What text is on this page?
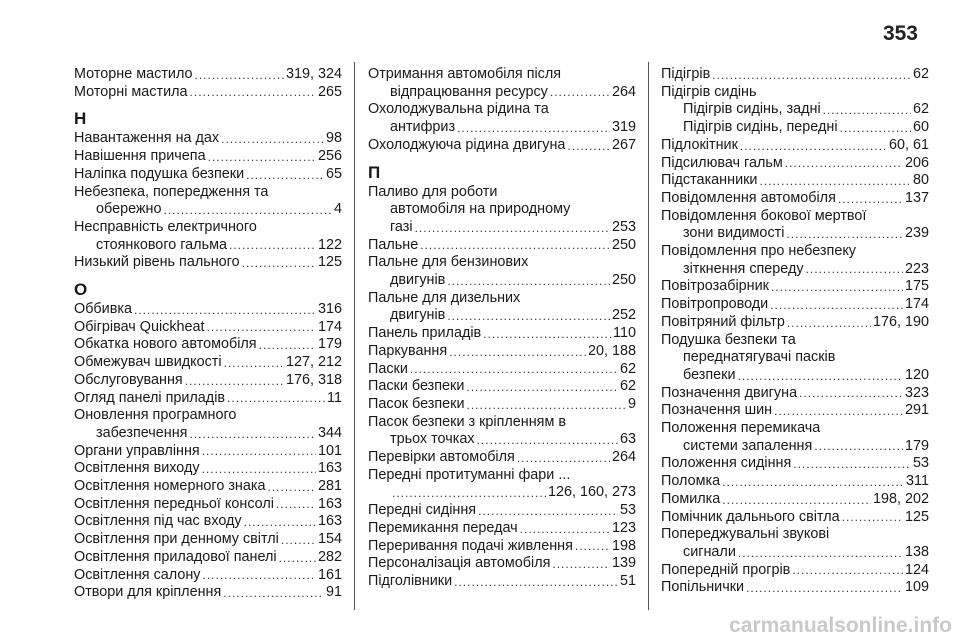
353
Моторне мастило .....	319, 324
Моторні мастила .....	265
Н
Навантаження на дах .....	98
Навішення причепа .....	256
Наліпка подушка безпеки .....	65
Небезпека, попередження та
обережно .....	4
Несправність електричного
стоянкового гальма .....	122
Низький рівень пального .....	125
О
Оббивка .....	316
Обігрівач Quickheat .....	174
Обкатка нового автомобіля .....	179
Обмежувач швидкості .....	127, 212
Обслуговування .....	176, 318
Огляд панелі приладів .....	11
Оновлення програмного
забезпечення .....	344
Органи управління .....	101
Освітлення виходу .....	163
Освітлення номерного знака .....	281
Освітлення передньої консолі .....	163
Освітлення під час входу .....	163
Освітлення при денному світлі .....	154
Освітлення приладової панелі .....	282
Освітлення салону .....	161
Отвори для кріплення .....	91
Отримання автомобіля після
відпрацювання ресурсу .....	264
Охолоджувальна рідина та
антифриз .....	319
Охолоджуюча рідина двигуна .....	267
П
Паливо для роботи
автомобіля на природному
газі .....	253
Пальне .....	250
Пальне для бензинових
двигунів .....	250
Пальне для дизельних
двигунів .....	252
Панель приладів .....	110
Паркування .....	20, 188
Паски .....	62
Паски безпеки .....	62
Пасок безпеки .....	9
Пасок безпеки з кріпленням в
трьох точках .....	63
Перевірки автомобіля .....	264
Передні протитуманні фари ...
.....
126, 160, 273
Передні сидіння .....	53
Перемикання передач .....	123
Переривання подачі живлення .....	198
Персоналізація автомобіля .....	139
Підголівники .....	51
Підігрів .....	62
Підігрів сидінь
Підігрів сидінь, задні .....	62
Підігрів сидінь, передні .....	60
Підлокітник .....	60, 61
Підсилювач гальм .....	206
Підстаканники .....	80
Повідомлення автомобіля .....	137
Повідомлення бокової мертвої
зони видимості .....	239
Повідомлення про небезпеку
зіткнення спереду .....	223
Повітрозабірник .....	175
Повітропроводи .....	174
Повітряний фільтр .....	176, 190
Подушка безпеки та
переднатягувачі пасків
безпеки .....	120
Позначення двигуна .....	323
Позначення шин .....	291
Положення перемикача
системи запалення .....	179
Положення сидіння .....	53
Поломка .....	311
Помилка .....	198, 202
Помічник дальнього світла .....	125
Попереджувальні звукові
сигнали .....	138
Попередній прогрів .....	124
Попільнички .....	109
carmanualsonline.info
